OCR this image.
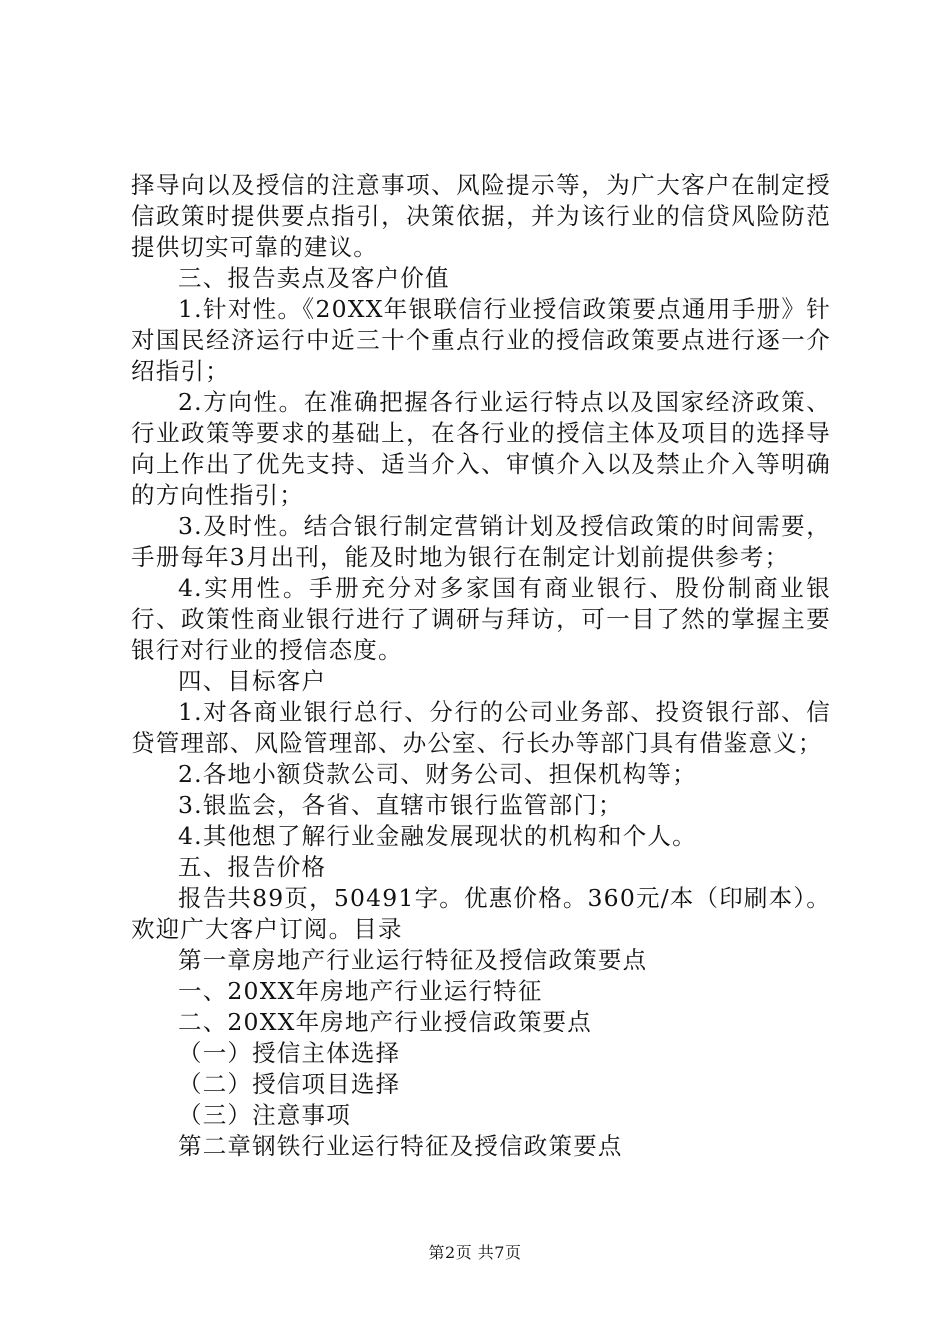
择导向以及授信的注意事项、风险提示等，为广大客户在制定授信政策时提供要点指引，决策依据，并为该行业的信贷风险防范提供切实可靠的建议。

三、报告卖点及客户价值

1.针对性。《20XX年银联信行业授信政策要点通用手册》针对国民经济运行中近三十个重点行业的授信政策要点进行逐一介绍指引；

2.方向性。在准确把握各行业运行特点以及国家经济政策、行业政策等要求的基础上，在各行业的授信主体及项目的选择导向上作出了优先支持、适当介入、审慎介入以及禁止介入等明确的方向性指引；

3.及时性。结合银行制定营销计划及授信政策的时间需要，手册每年3月出刊，能及时地为银行在制定计划前提供参考；

4.实用性。手册充分对多家国有商业银行、股份制商业银行、政策性商业银行进行了调研与拜访，可一目了然的掌握主要银行对行业的授信态度。

四、目标客户

1.对各商业银行总行、分行的公司业务部、投资银行部、信贷管理部、风险管理部、办公室、行长办等部门具有借鉴意义；

2.各地小额贷款公司、财务公司、担保机构等；

3.银监会，各省、直辖市银行监管部门；

4.其他想了解行业金融发展现状的机构和个人。

五、报告价格

报告共89页，50491字。优惠价格。360元/本（印刷本）。欢迎广大客户订阅。目录

第一章房地产行业运行特征及授信政策要点

一、20XX年房地产行业运行特征

二、20XX年房地产行业授信政策要点

（一）授信主体选择

（二）授信项目选择

（三）注意事项

第二章钢铁行业运行特征及授信政策要点

第2页 共7页
